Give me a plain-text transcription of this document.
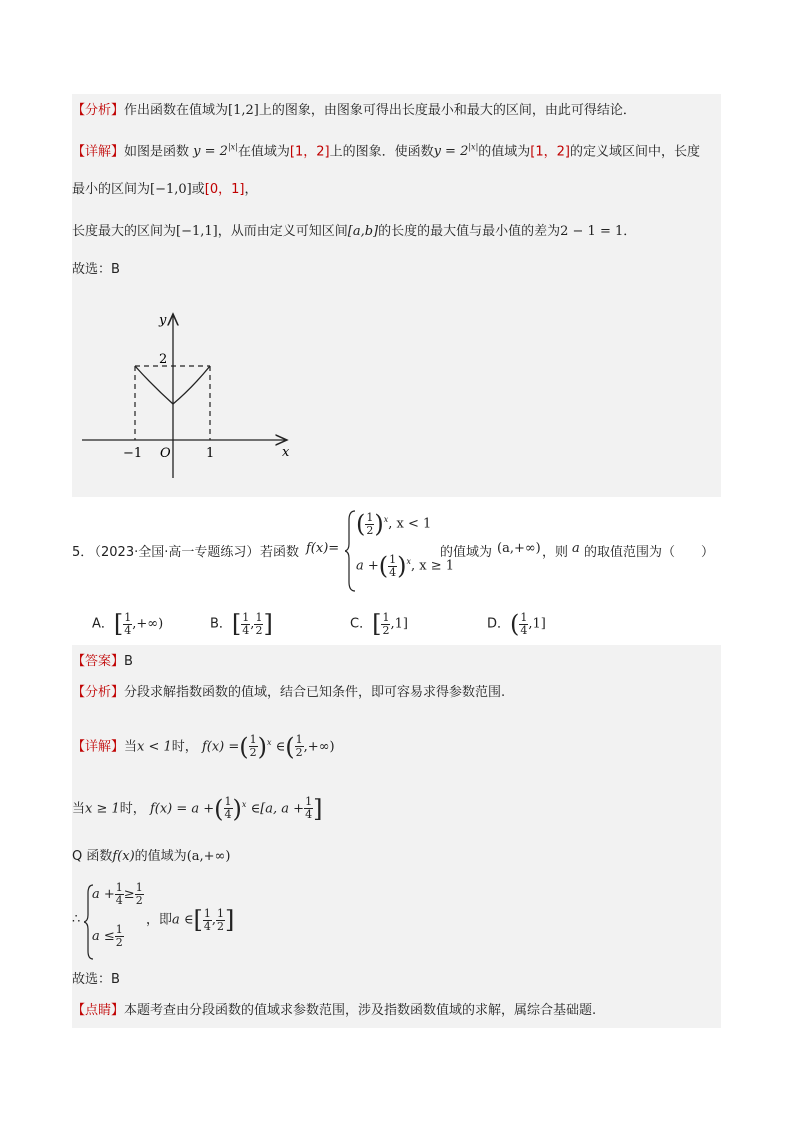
【分析】作出函数在值域为[1,2]上的图象，由图象可得出长度最小和最大的区间，由此可得结论．
【详解】如图是函数 $y = 2^{|x|}$在值域为[1，2]上的图象．使函数$y = 2^{|x|}$的值域为[1，2]的定义域区间中，长度
最小的区间为[−1,0]或[0，1]，
长度最大的区间为[−1,1]，从而由定义可知区间[a,b]的长度的最大值与最小值的差为2 − 1 = 1．
故选：B
y
x
2
−1 O	1
5．
（2023·全国·高一专题练习） 若函数 f(x)=
( $\frac{1}{2} )^x$, x < 1
a +( $\frac{1}{4} )^x$, x ≥ 1
的值域为 (a,+∞) ，则 a 的取值范围为（　　）
A．[ $\frac{1}{4}$ ,+∞)	B．[ $\frac{1}{4}$ , $\frac{1}{2}$ ]	C．[ $\frac{1}{2} ,1$]	D．( $\frac{1}{4} ,1$]
【答案】B
【分析】分段求解指数函数的值域，结合已知条件，即可容易求得参数范围.
【详解】当x < 1时， f(x) =( $\frac{1}{2} )^x$ ∈( $\frac{1}{2}$ ,+∞)
当x ≥ 1时， f(x) = a +( $\frac{1}{4} )^x$ ∈[a, $a + \frac{1}{4}$ ]
Q 函数f(x)的值域为(a,+∞)
∴
$a + \frac{1}{4} \ge \frac{1}{2}$
$a \le \frac{1}{2}$
，即a ∈[ $\frac{1}{4}$ , $\frac{1}{2}$ ]
故选：B
【点睛】本题考查由分段函数的值域求参数范围，涉及指数函数值域的求解，属综合基础题.
